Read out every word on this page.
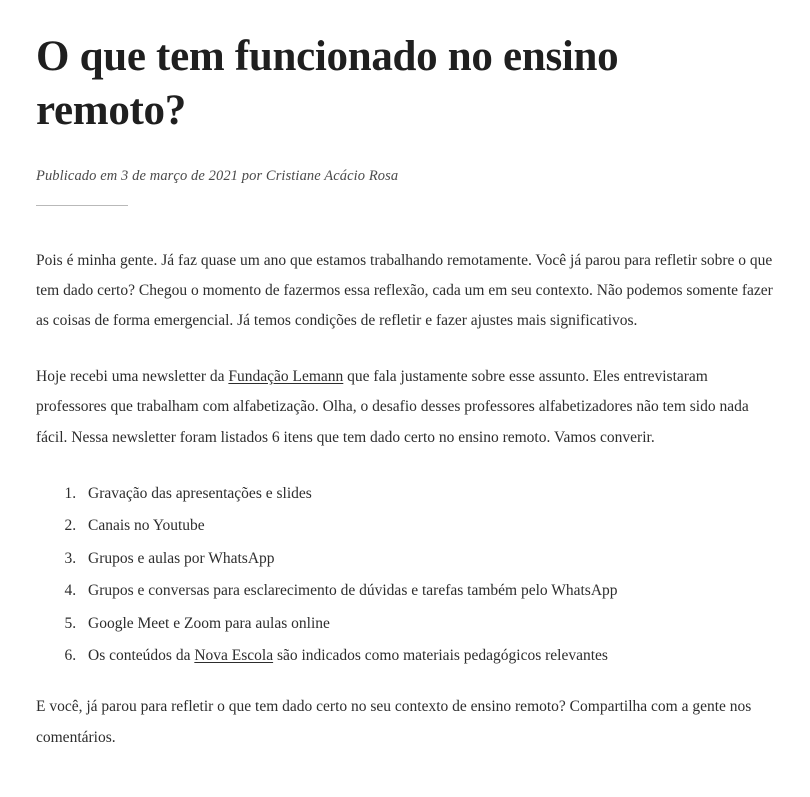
O que tem funcionado no ensino remoto?
Publicado em 3 de março de 2021 por Cristiane Acácio Rosa

Pois é minha gente. Já faz quase um ano que estamos trabalhando remotamente. Você já parou para refletir sobre o que tem dado certo? Chegou o momento de fazermos essa reflexão, cada um em seu contexto. Não podemos somente fazer as coisas de forma emergencial. Já temos condições de refletir e fazer ajustes mais significativos.

Hoje recebi uma newsletter da Fundação Lemann que fala justamente sobre esse assunto. Eles entrevistaram professores que trabalham com alfabetização. Olha, o desafio desses professores alfabetizadores não tem sido nada fácil. Nessa newsletter foram listados 6 itens que tem dado certo no ensino remoto. Vamos converir.

1. Gravação das apresentações e slides
2. Canais no Youtube
3. Grupos e aulas por WhatsApp
4. Grupos e conversas para esclarecimento de dúvidas e tarefas também pelo WhatsApp
5. Google Meet e Zoom para aulas online
6. Os conteúdos da Nova Escola são indicados como materiais pedagógicos relevantes

E você, já parou para refletir o que tem dado certo no seu contexto de ensino remoto? Compartilha com a gente nos comentários.
